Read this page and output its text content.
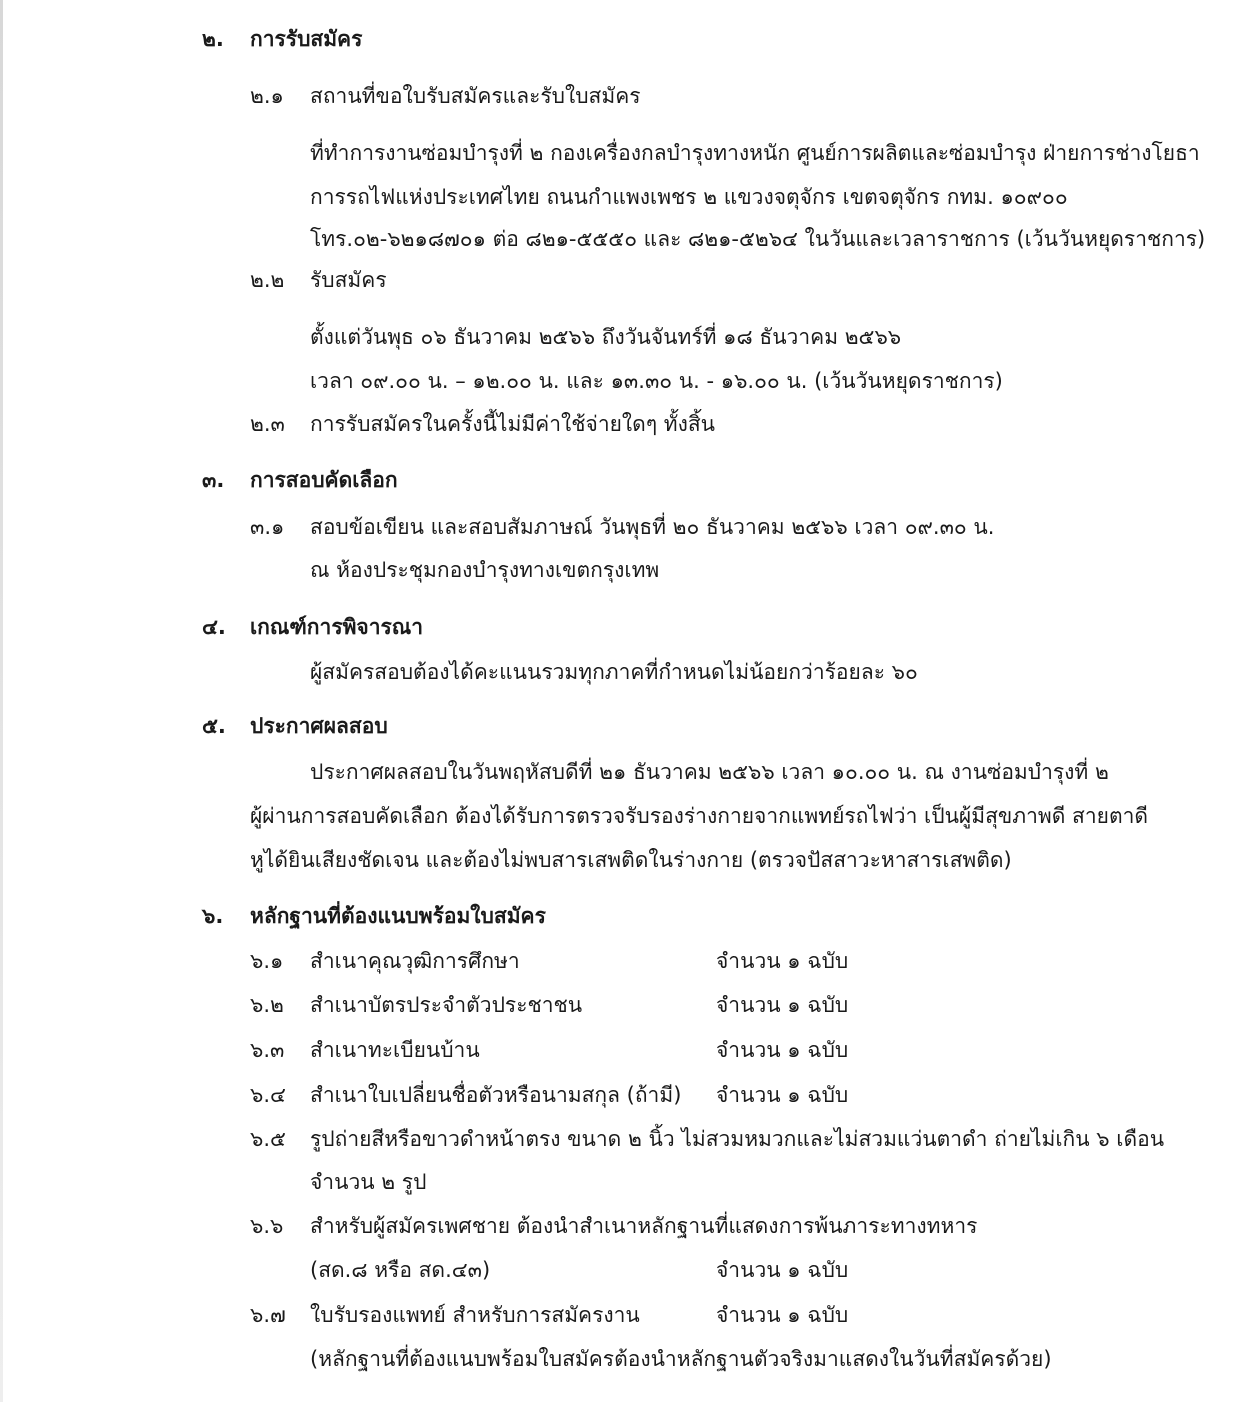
๒. การรับสมัคร
๒.๑ สถานที่ขอใบรับสมัครและรับใบสมัคร
ที่ทำการงานซ่อมบำรุงที่ ๒ กองเครื่องกลบำรุงทางหนัก ศูนย์การผลิตและซ่อมบำรุง ฝ่ายการช่างโยธา
การรถไฟแห่งประเทศไทย ถนนกำแพงเพชร ๒ แขวงจตุจักร เขตจตุจักร กทม. ๑๐๙๐๐
โทร.๐๒-๖๒๑๘๗๐๑ ต่อ ๘๒๑-๕๕๕๐ และ ๘๒๑-๕๒๖๔ ในวันและเวลาราชการ (เว้นวันหยุดราชการ)
๒.๒ รับสมัคร
ตั้งแต่วันพุธ ๐๖ ธันวาคม ๒๕๖๖ ถึงวันจันทร์ที่ ๑๘ ธันวาคม ๒๕๖๖
เวลา ๐๙.๐๐ น. – ๑๒.๐๐ น. และ ๑๓.๓๐ น. - ๑๖.๐๐ น. (เว้นวันหยุดราชการ)
๒.๓ การรับสมัครในครั้งนี้ไม่มีค่าใช้จ่ายใดๆ ทั้งสิ้น
๓. การสอบคัดเลือก
๓.๑ สอบข้อเขียน และสอบสัมภาษณ์ วันพุธที่ ๒๐ ธันวาคม ๒๕๖๖ เวลา ๐๙.๓๐ น.
ณ ห้องประชุมกองบำรุงทางเขตกรุงเทพ
๔. เกณฑ์การพิจารณา
ผู้สมัครสอบต้องได้คะแนนรวมทุกภาคที่กำหนดไม่น้อยกว่าร้อยละ ๖๐
๕. ประกาศผลสอบ
ประกาศผลสอบในวันพฤหัสบดีที่ ๒๑ ธันวาคม ๒๕๖๖ เวลา ๑๐.๐๐ น. ณ งานซ่อมบำรุงที่ ๒
ผู้ผ่านการสอบคัดเลือก ต้องได้รับการตรวจรับรองร่างกายจากแพทย์รถไฟว่า เป็นผู้มีสุขภาพดี สายตาดี
หูได้ยินเสียงชัดเจน และต้องไม่พบสารเสพติดในร่างกาย (ตรวจปัสสาวะหาสารเสพติด)
๖. หลักฐานที่ต้องแนบพร้อมใบสมัคร
๖.๑ สำเนาคุณวุฒิการศึกษา	จำนวน ๑ ฉบับ
๖.๒ สำเนาบัตรประจำตัวประชาชน	จำนวน ๑ ฉบับ
๖.๓ สำเนาทะเบียนบ้าน	จำนวน ๑ ฉบับ
๖.๔ สำเนาใบเปลี่ยนชื่อตัวหรือนามสกุล (ถ้ามี) จำนวน ๑ ฉบับ
๖.๕ รูปถ่ายสีหรือขาวดำหน้าตรง ขนาด ๒ นิ้ว ไม่สวมหมวกและไม่สวมแว่นตาดำ ถ่ายไม่เกิน ๖ เดือน
จำนวน ๒ รูป
๖.๖ สำหรับผู้สมัครเพศชาย ต้องนำสำเนาหลักฐานที่แสดงการพ้นภาระทางทหาร
(สด.๘ หรือ สด.๔๓)	จำนวน ๑ ฉบับ
๖.๗ ใบรับรองแพทย์ สำหรับการสมัครงาน	จำนวน ๑ ฉบับ
(หลักฐานที่ต้องแนบพร้อมใบสมัครต้องนำหลักฐานตัวจริงมาแสดงในวันที่สมัครด้วย)
